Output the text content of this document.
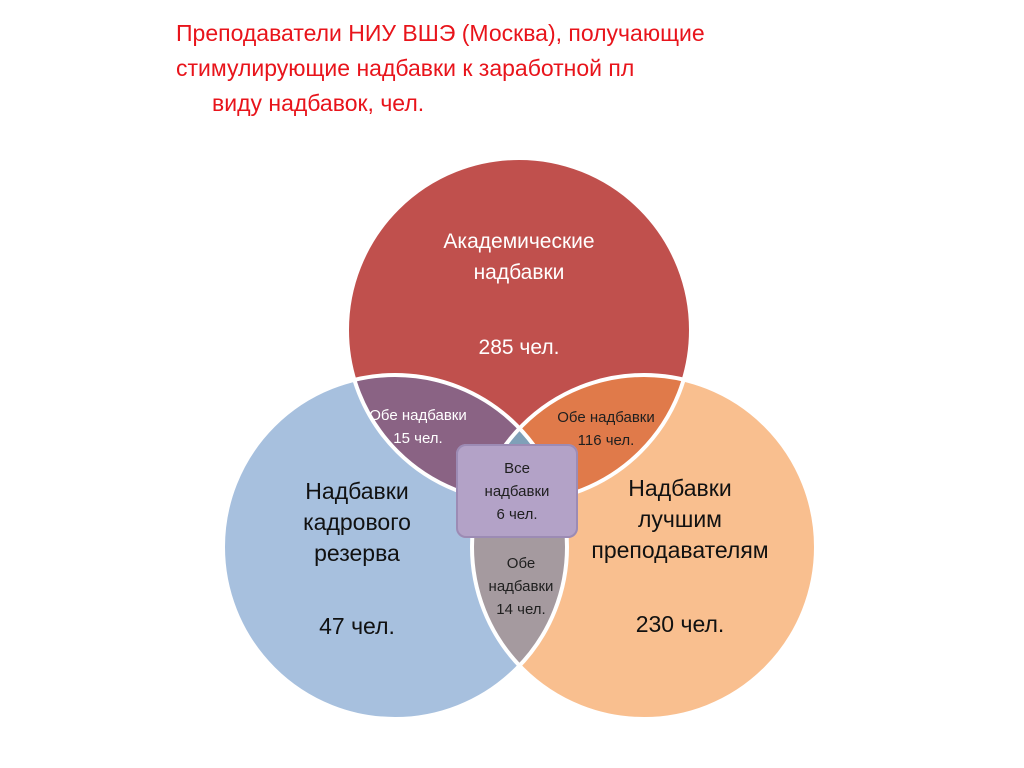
Преподаватели НИУ ВШЭ (Москва), получающие
стимулирующие надбавки к заработной пл
виду надбавок, чел.
Академические
надбавки
285 чел.
Надбавки
кадрового
резерва
47 чел.
Надбавки
лучшим
преподавателям
230 чел.
Обе надбавки
15 чел.
Обе надбавки
116 чел.
Обе
надбавки
14 чел.
Все
надбавки
6 чел.
